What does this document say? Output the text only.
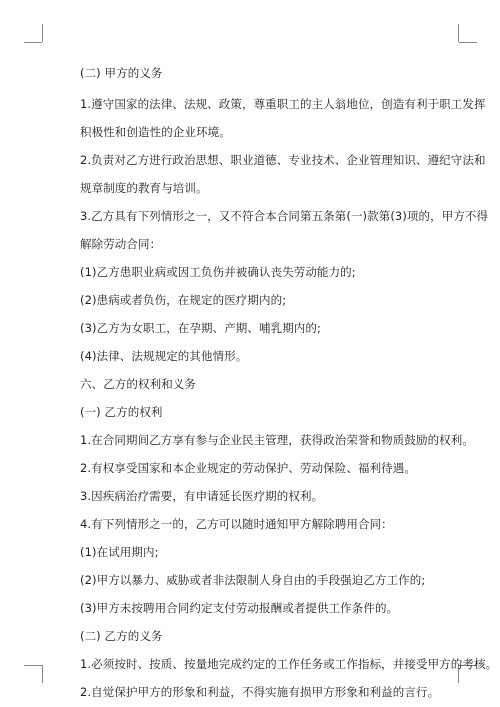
(二) 甲方的义务
1.遵守国家的法律、法规、政策，尊重职工的主人翁地位，创造有利于职工发挥
积极性和创造性的企业环境。
2.负责对乙方进行政治思想、职业道德、专业技术、企业管理知识、遵纪守法和
规章制度的教育与培训。
3.乙方具有下列情形之一，又不符合本合同第五条第(一)款第(3)项的，甲方不得
解除劳动合同：
(1)乙方患职业病或因工负伤并被确认丧失劳动能力的;
(2)患病或者负伤，在规定的医疗期内的;
(3)乙方为女职工，在孕期、产期、哺乳期内的;
(4)法律、法规规定的其他情形。
六、乙方的权利和义务
(一) 乙方的权利
1.在合同期间乙方享有参与企业民主管理，获得政治荣誉和物质鼓励的权利。
2.有权享受国家和本企业规定的劳动保护、劳动保险、福利待遇。
3.因疾病治疗需要，有申请延长医疗期的权利。
4.有下列情形之一的，乙方可以随时通知甲方解除聘用合同：
(1)在试用期内;
(2)甲方以暴力、威胁或者非法限制人身自由的手段强迫乙方工作的;
(3)甲方未按聘用合同约定支付劳动报酬或者提供工作条件的。
(二) 乙方的义务
1.必须按时、按质、按量地完成约定的工作任务或工作指标，并接受甲方的考核。
2.自觉保护甲方的形象和利益，不得实施有损甲方形象和利益的言行。
